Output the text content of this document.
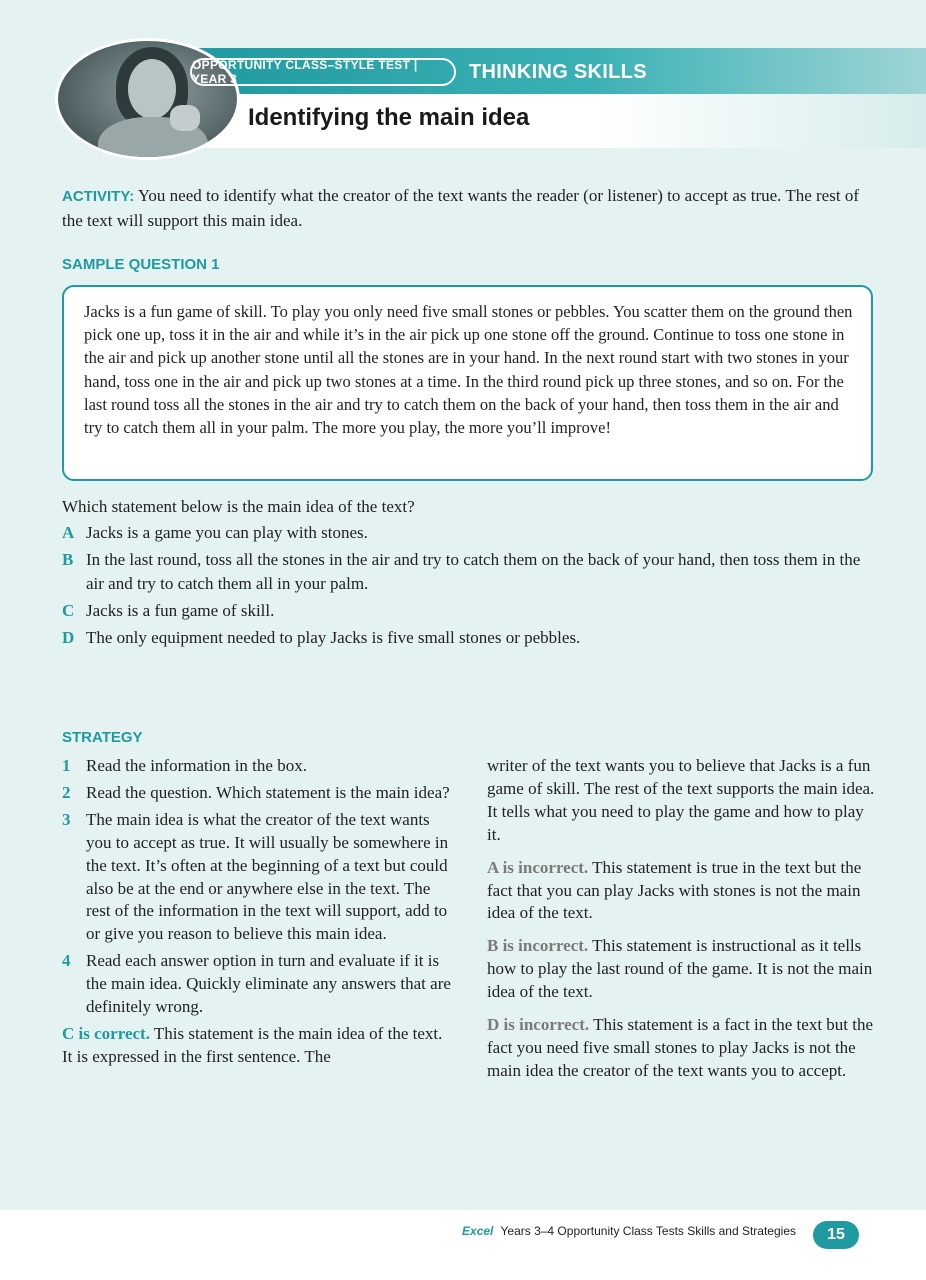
OPPORTUNITY CLASS–STYLE TEST | YEAR 3	THINKING SKILLS
Identifying the main idea
ACTIVITY: You need to identify what the creator of the text wants the reader (or listener) to accept as true. The rest of the text will support this main idea.
SAMPLE QUESTION 1
Jacks is a fun game of skill. To play you only need five small stones or pebbles. You scatter them on the ground then pick one up, toss it in the air and while it’s in the air pick up one stone off the ground. Continue to toss one stone in the air and pick up another stone until all the stones are in your hand. In the next round start with two stones in your hand, toss one in the air and pick up two stones at a time. In the third round pick up three stones, and so on. For the last round toss all the stones in the air and try to catch them on the back of your hand, then toss them in the air and try to catch them all in your palm. The more you play, the more you’ll improve!
Which statement below is the main idea of the text?
A Jacks is a game you can play with stones.
B In the last round, toss all the stones in the air and try to catch them on the back of your hand, then toss them in the air and try to catch them all in your palm.
C Jacks is a fun game of skill.
D The only equipment needed to play Jacks is five small stones or pebbles.
STRATEGY
1 Read the information in the box.
2 Read the question. Which statement is the main idea?
3 The main idea is what the creator of the text wants you to accept as true. It will usually be somewhere in the text. It’s often at the beginning of a text but could also be at the end or anywhere else in the text. The rest of the information in the text will support, add to or give you reason to believe this main idea.
4 Read each answer option in turn and evaluate if it is the main idea. Quickly eliminate any answers that are definitely wrong.
C is correct. This statement is the main idea of the text. It is expressed in the first sentence. The
writer of the text wants you to believe that Jacks is a fun game of skill. The rest of the text supports the main idea. It tells what you need to play the game and how to play it.
A is incorrect. This statement is true in the text but the fact that you can play Jacks with stones is not the main idea of the text.
B is incorrect. This statement is instructional as it tells how to play the last round of the game. It is not the main idea of the text.
D is incorrect. This statement is a fact in the text but the fact you need five small stones to play Jacks is not the main idea the creator of the text wants you to accept.
Excel Years 3–4 Opportunity Class Tests Skills and Strategies	15
